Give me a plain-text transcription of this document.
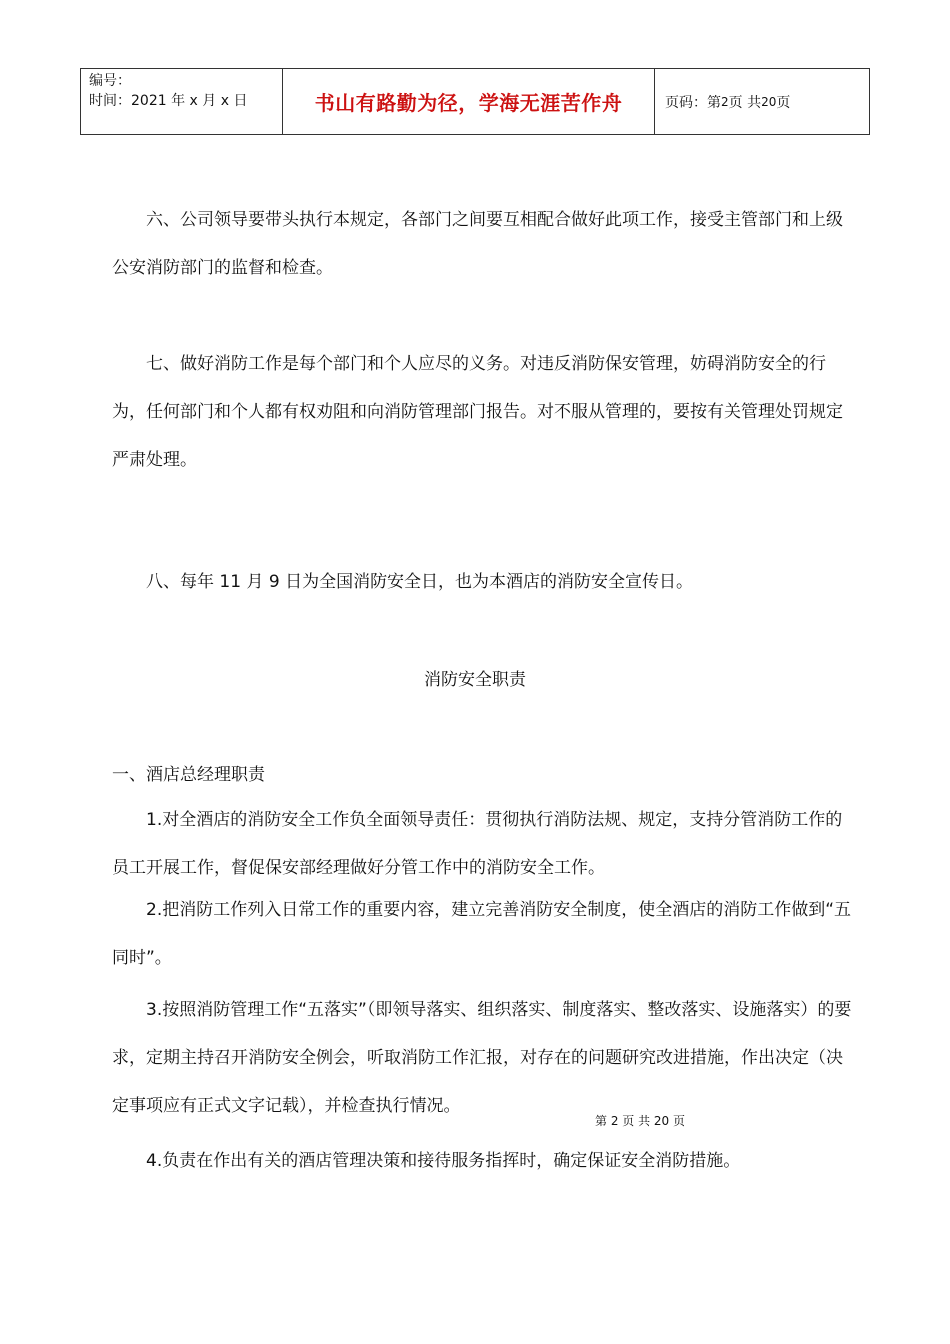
编号：
时间：2021 年 x 月 x 日	书山有路勤为径，学海无涯苦作舟	页码：第 2 页 共 20 页

六、公司领导要带头执行本规定，各部门之间要互相配合做好此项工作，接受主管部门和上级公安消防部门的监督和检查。

七、做好消防工作是每个部门和个人应尽的义务。对违反消防保安管理，妨碍消防安全的行为，任何部门和个人都有权劝阻和向消防管理部门报告。对不服从管理的，要按有关管理处罚规定严肃处理。

八、每年 11 月 9 日为全国消防安全日，也为本酒店的消防安全宣传日。

消防安全职责
一、酒店总经理职责

1.对全酒店的消防安全工作负全面领导责任：贯彻执行消防法规、规定，支持分管消防工作的员工开展工作，督促保安部经理做好分管工作中的消防安全工作。

2.把消防工作列入日常工作的重要内容，建立完善消防安全制度，使全酒店的消防工作做到“五同时”。

3.按照消防管理工作“五落实”（即领导落实、组织落实、制度落实、整改落实、设施落实）的要求，定期主持召开消防安全例会，听取消防工作汇报，对存在的问题研究改进措施，作出决定（决定事项应有正式文字记载），并检查执行情况。

4.负责在作出有关的酒店管理决策和接待服务指挥时，确定保证安全消防措施。

第 2 页 共 20 页
